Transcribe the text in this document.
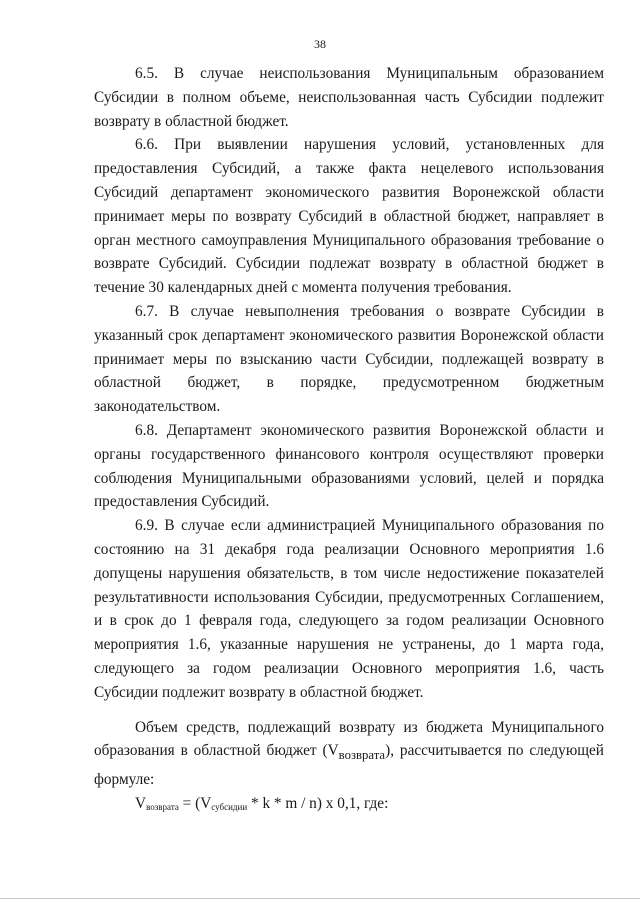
38

6.5. В случае неиспользования Муниципальным образованием Субсидии в полном объеме, неиспользованная часть Субсидии подлежит возврату в областной бюджет.

6.6. При выявлении нарушения условий, установленных для предоставления Субсидий, а также факта нецелевого использования Субсидий департамент экономического развития Воронежской области принимает меры по возврату Субсидий в областной бюджет, направляет в орган местного самоуправления Муниципального образования требование о возврате Субсидий. Субсидии подлежат возврату в областной бюджет в течение 30 календарных дней с момента получения требования.

6.7. В случае невыполнения требования о возврате Субсидии в указанный срок департамент экономического развития Воронежской области принимает меры по взысканию части Субсидии, подлежащей возврату в областной бюджет, в порядке, предусмотренном бюджетным законодательством.

6.8. Департамент экономического развития Воронежской области и органы государственного финансового контроля осуществляют проверки соблюдения Муниципальными образованиями условий, целей и порядка предоставления Субсидий.

6.9. В случае если администрацией Муниципального образования по состоянию на 31 декабря года реализации Основного мероприятия 1.6 допущены нарушения обязательств, в том числе недостижение показателей результативности использования Субсидии, предусмотренных Соглашением, и в срок до 1 февраля года, следующего за годом реализации Основного мероприятия 1.6, указанные нарушения не устранены, до 1 марта года, следующего за годом реализации Основного мероприятия 1.6, часть Субсидии подлежит возврату в областной бюджет.

Объем средств, подлежащий возврату из бюджета Муниципального образования в областной бюджет $(V_{возврата})$, рассчитывается по следующей формуле:

$V_{возврата} = (V_{субсидии} * k * m / n)$ x 0,1, где:
